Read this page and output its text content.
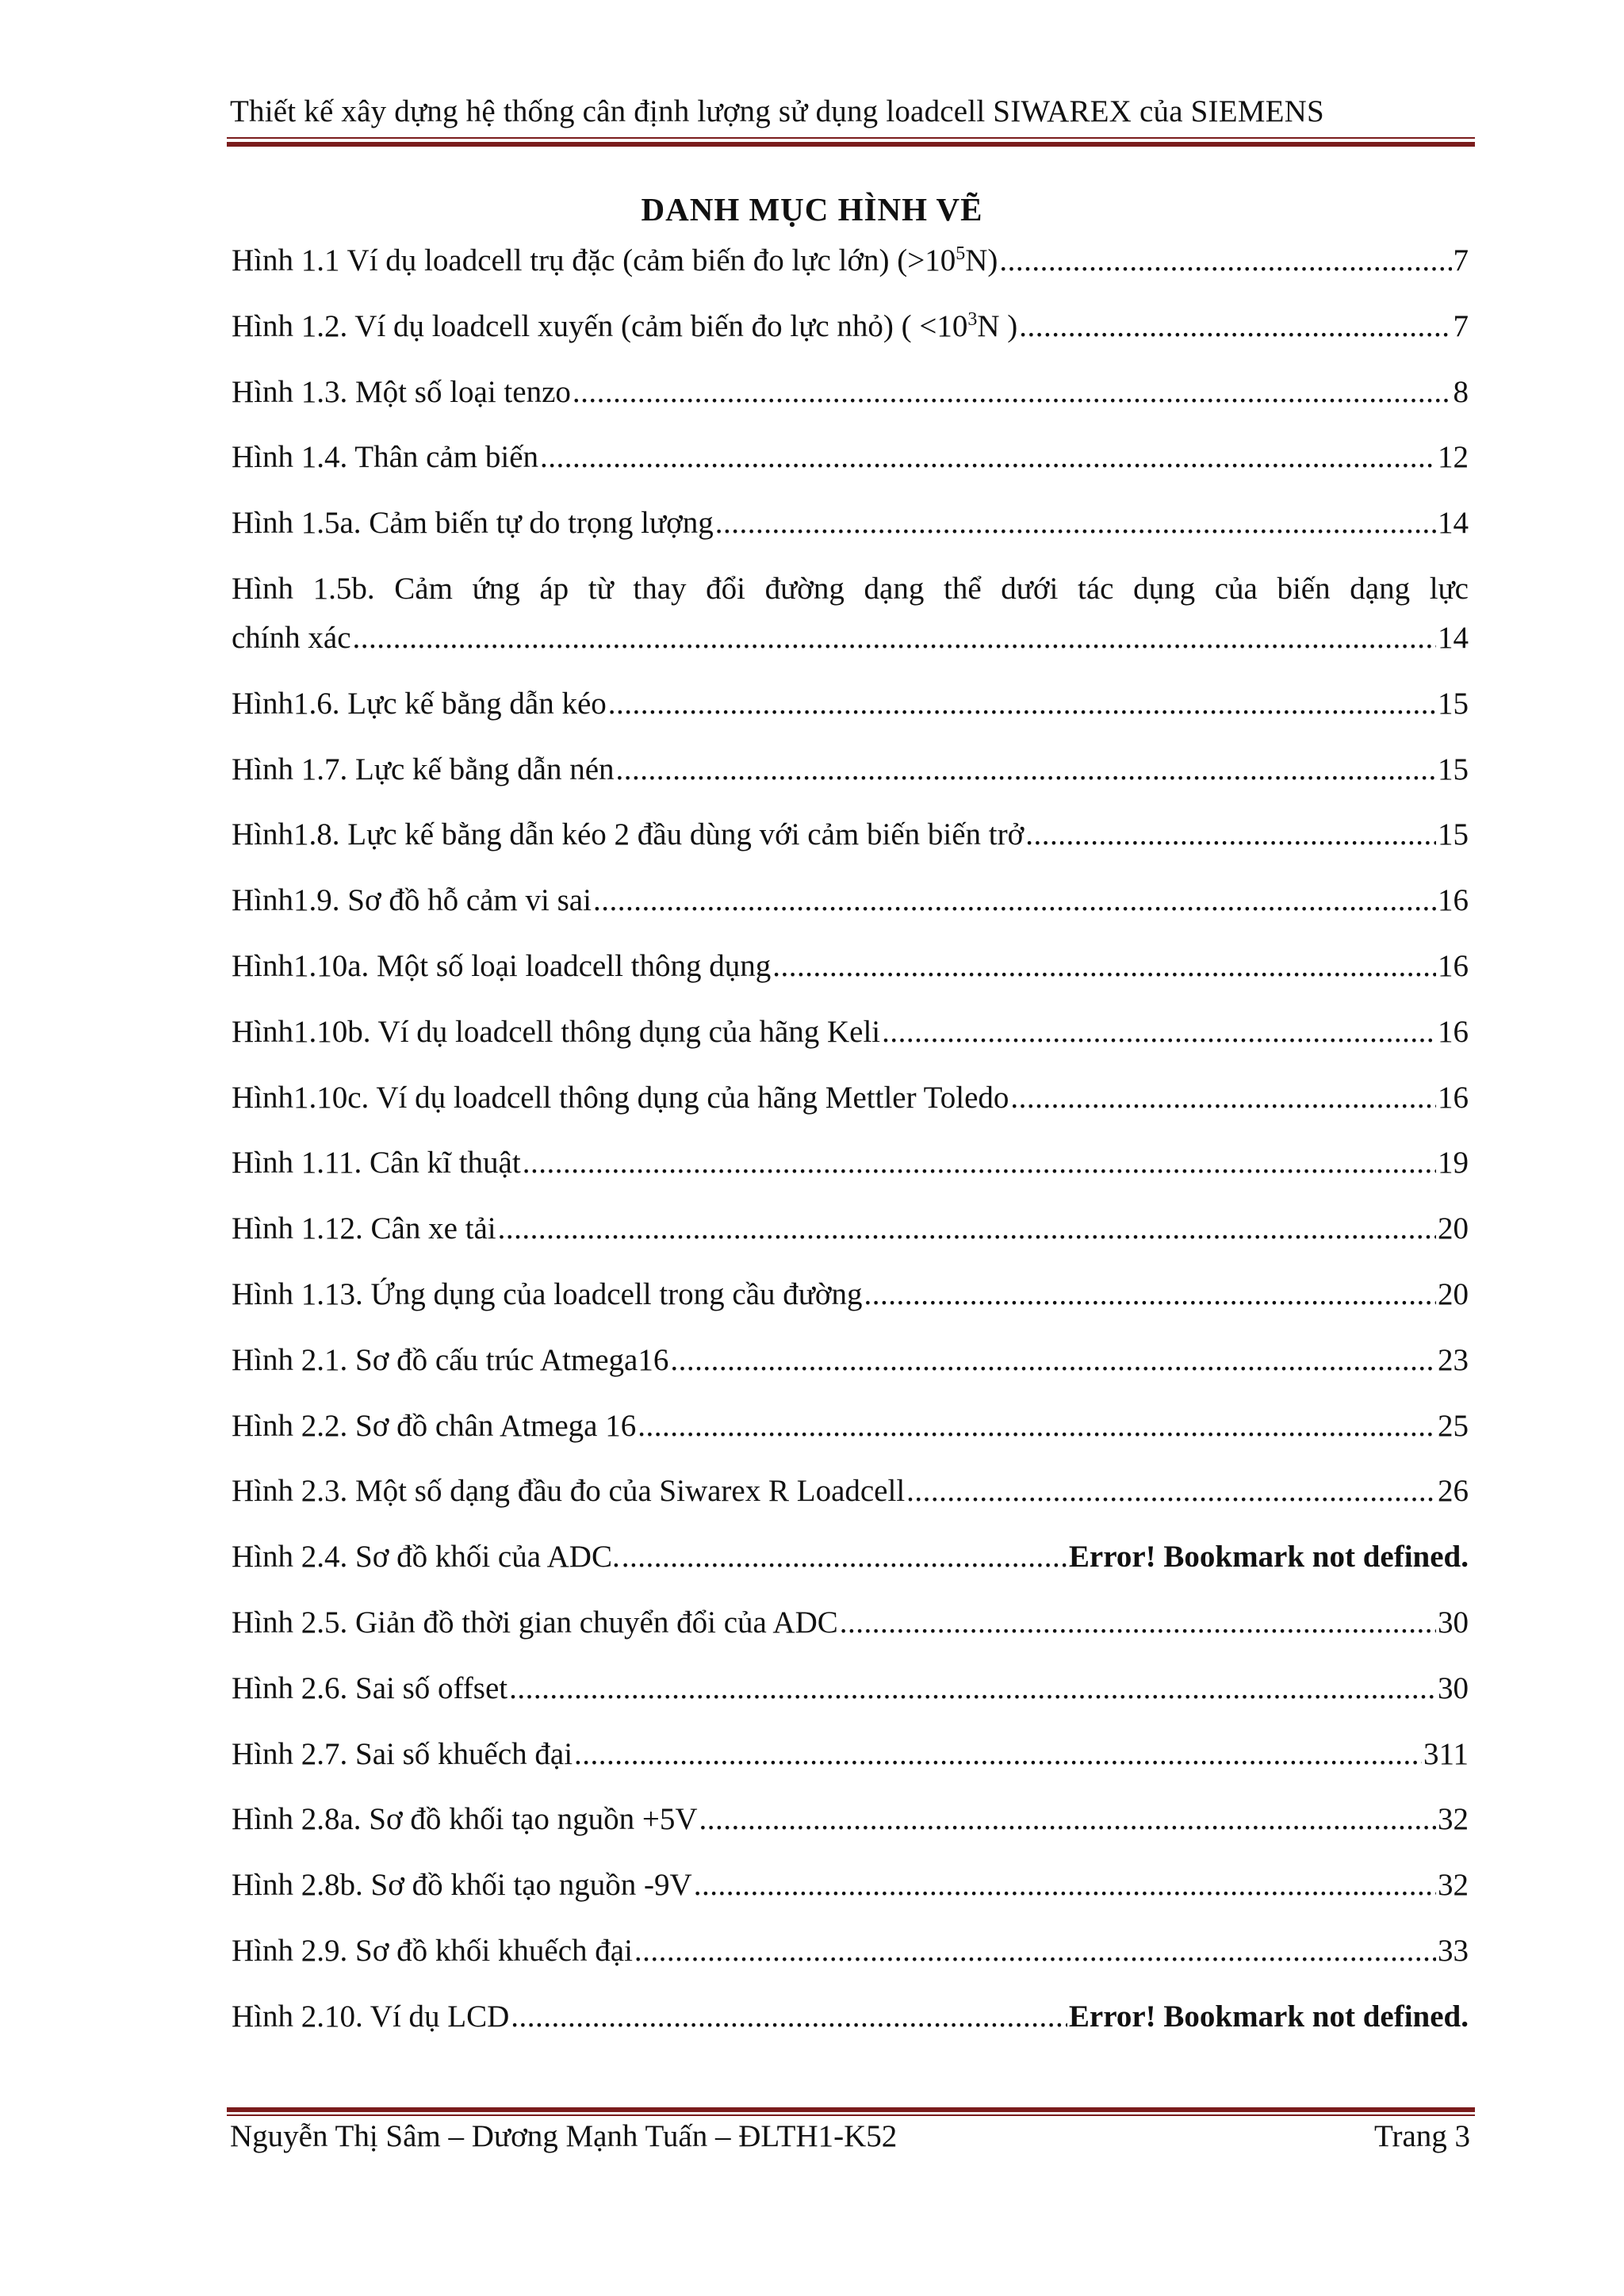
Thiết kế xây dựng hệ thống cân định lượng sử dụng loadcell SIWAREX của SIEMENS
DANH MỤC HÌNH VẼ
Hình 1.1 Ví dụ loadcell trụ đặc (cảm biến đo lực lớn) $(>10^5N)$ .....	7
Hình 1.2. Ví dụ loadcell xuyến (cảm biến đo lực nhỏ) ( $<10^3N$ ) .....	7
Hình 1.3. Một số loại tenzo .....	8
Hình 1.4. Thân cảm biến .....	12
Hình 1.5a. Cảm biến tự do trọng lượng .....	14
Hình 1.5b. Cảm ứng áp từ thay đổi đường dạng thể dưới tác dụng của biến dạng lực
chính xác .....	14
Hình1.6. Lực kế bằng dẫn kéo .....	15
Hình 1.7. Lực kế bằng dẫn nén .....	15
Hình1.8. Lực kế bằng dẫn kéo 2 đầu dùng với cảm biến biến trở .....	15
Hình1.9. Sơ đồ hỗ cảm vi sai .....	16
Hình1.10a. Một số loại loadcell thông dụng .....	16
Hình1.10b. Ví dụ loadcell thông dụng của hãng Keli .....	16
Hình1.10c. Ví dụ loadcell thông dụng của hãng Mettler Toledo .....	16
Hình 1.11. Cân kĩ thuật .....	19
Hình 1.12. Cân xe tải .....	20
Hình 1.13. Ứng dụng của loadcell trong cầu đường .....	20
Hình 2.1. Sơ đồ cấu trúc Atmega16 .....	23
Hình 2.2. Sơ đồ chân Atmega 16 .....	25
Hình 2.3. Một số dạng đầu đo của Siwarex R Loadcell .....	26
Hình 2.4. Sơ đồ khối của ADC. .....	Error! Bookmark not defined.
Hình 2.5. Giản đồ thời gian chuyển đổi của ADC .....	30
Hình 2.6. Sai số offset .....	30
Hình 2.7. Sai số khuếch đại .....	311
Hình 2.8a. Sơ đồ khối tạo nguồn +5V .....	32
Hình 2.8b. Sơ đồ khối tạo nguồn -9V .....	32
Hình 2.9. Sơ đồ khối khuếch đại .....	33
Hình 2.10. Ví dụ LCD .....	Error! Bookmark not defined.
Nguyễn Thị Sâm – Dương Mạnh Tuấn – ĐLTH1-K52	Trang 3
